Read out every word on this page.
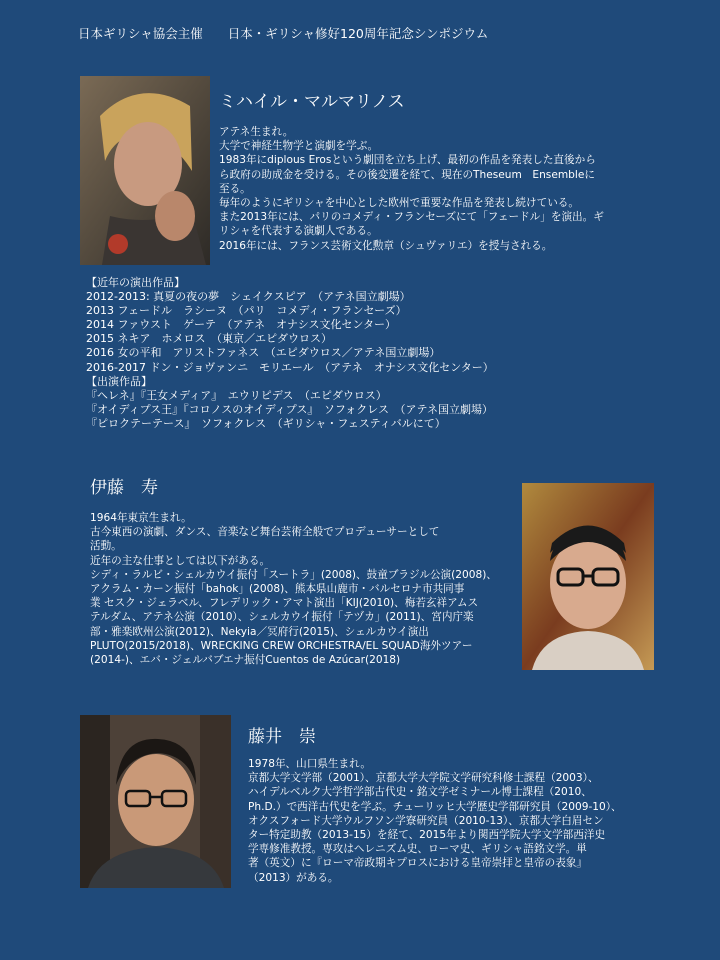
日本ギリシャ協会主催　　日本・ギリシャ修好120周年記念シンポジウム
ミハイル・マルマリノス
アテネ生まれ。
大学で神経生物学と演劇を学ぶ。
1983年にdiplous Erosという劇団を立ち上げ、最初の作品を発表した直後から
ら政府の助成金を受ける。その後変遷を経て、現在のTheseum　Ensembleに
至る。
毎年のようにギリシャを中心とした欧州で重要な作品を発表し続けている。
また2013年には、パリのコメディ・フランセーズにて「フェードル」を演出。ギ
リシャを代表する演劇人である。
2016年には、フランス芸術文化勲章（シュヴァリエ）を授与される。
【近年の演出作品】
2012-2013: 真夏の夜の夢　シェイクスピア　（アテネ国立劇場）
2013 フェードル　ラシーヌ　（パリ　コメディ・フランセーズ）
2014 ファウスト　ゲーテ　（アテネ　オナシス文化センター）
2015 ネキア　ホメロス　（東京／エピダウロス）
2016 女の平和　アリストファネス　（エピダウロス／アテネ国立劇場）
2016-2017 ドン・ジョヴァンニ　モリエール　（アテネ　オナシス文化センター）
【出演作品】
『ヘレネ』『王女メディア』　エウリピデス　（エピダウロス）
『オイディプス王』『コロノスのオイディプス』　ソフォクレス　（アテネ国立劇場）
『ピロクテーテース』　ソフォクレス　（ギリシャ・フェスティバルにて）
伊藤　寿
1964年東京生まれ。
古今東西の演劇、ダンス、音楽など舞台芸術全般でプロデューサーとして
活動。
近年の主な仕事としては以下がある。
シディ・ラルビ・シェルカウイ振付「スートラ」(2008)、鼓童ブラジル公演(2008)、
アクラム・カーン振付「bahok」(2008)、熊本県山鹿市・バルセロナ市共同事
業 セスク・ジェラベル、フレデリック・アマト演出「KIJ(2010)、梅若玄祥アムス
テルダム、アテネ公演（2010）、シェルカウイ振付「テヅカ」(2011)、宮内庁楽
部・雅楽欧州公演(2012)、Nekyia／冥府行(2015)、シェルカウイ演出
PLUTO(2015/2018)、WRECKING CREW ORCHESTRA/EL SQUAD海外ツアー
(2014-)、エバ・ジェルバブエナ振付Cuentos de Azúcar(2018)
藤井　崇
1978年、山口県生まれ。
京都大学文学部（2001）、京都大学大学院文学研究科修士課程（2003）、
ハイデルベルク大学哲学部古代史・銘文学ゼミナール博士課程（2010、
Ph.D.）で西洋古代史を学ぶ。チューリッヒ大学歴史学部研究員（2009-10）、
オクスフォード大学ウルフソン学寮研究員（2010-13）、京都大学白眉セン
ター特定助教（2013-15）を経て、2015年より関西学院大学文学部西洋史
学専修准教授。専攻はヘレニズム史、ローマ史、ギリシャ語銘文学。単
著（英文）に『ローマ帝政期キプロスにおける皇帝崇拝と皇帝の表象』
（2013）がある。
